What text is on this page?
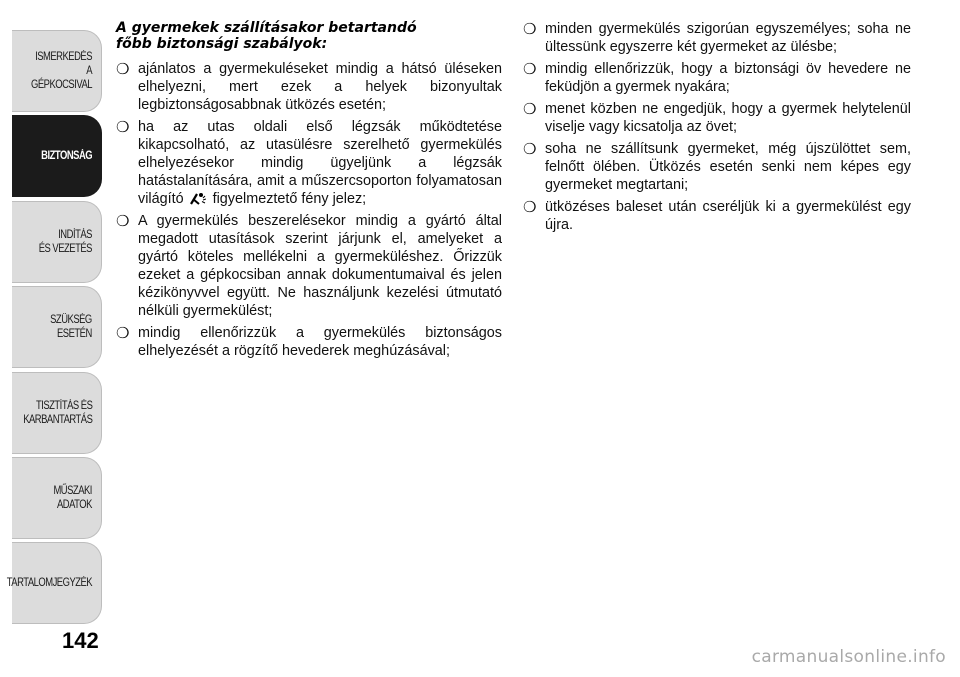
ISMERKEDÉS
A GÉPKOCSIVAL
BIZTONSÁG
INDÍTÁS
ÉS VEZETÉS
SZÜKSÉG
ESETÉN
TISZTÍTÁS ÉS
KARBANTARTÁS
MŰSZAKI
ADATOK
TARTALOMJEGYZÉK
142
A gyermekek szállításakor betartandó
főbb biztonsági szabályok:
❍ ajánlatos a gyermekuléseket mindig a hátsó üléseken elhelyezni, mert ezek a helyek bizonyultak legbiztonságosabbnak ütközés esetén;
❍ ha az utas oldali első légzsák működtetése kikapcsolható, az utasülésre szerelhető gyermekülés elhelyezésekor mindig ügyeljünk a légzsák hatástalanítására, amit a műszercsoporton folyamatosan világító figyelmeztető fény jelez;
❍ A gyermekülés beszerelésekor mindig a gyártó által megadott utasítások szerint járjunk el, amelyeket a gyártó köteles mellékelni a gyermeküléshez. Őrizzük ezeket a gépkocsiban annak dokumentumaival és jelen kézikönyvvel együtt. Ne használjunk kezelési útmutató nélküli gyermekülést;
❍ mindig ellenőrizzük a gyermekülés biztonságos elhelyezését a rögzítő hevederek meghúzásával;
❍ minden gyermekülés szigorúan egyszemélyes; soha ne ültessünk egyszerre két gyermeket az ülésbe;
❍ mindig ellenőrizzük, hogy a biztonsági öv hevedere ne feküdjön a gyermek nyakára;
❍ menet közben ne engedjük, hogy a gyermek helytelenül viselje vagy kicsatolja az övet;
❍ soha ne szállítsunk gyermeket, még újszülöttet sem, felnőtt ölében. Ütközés esetén senki nem képes egy gyermeket megtartani;
❍ ütközéses baleset után cseréljük ki a gyermekülést egy újra.
carmanualsonline.info
